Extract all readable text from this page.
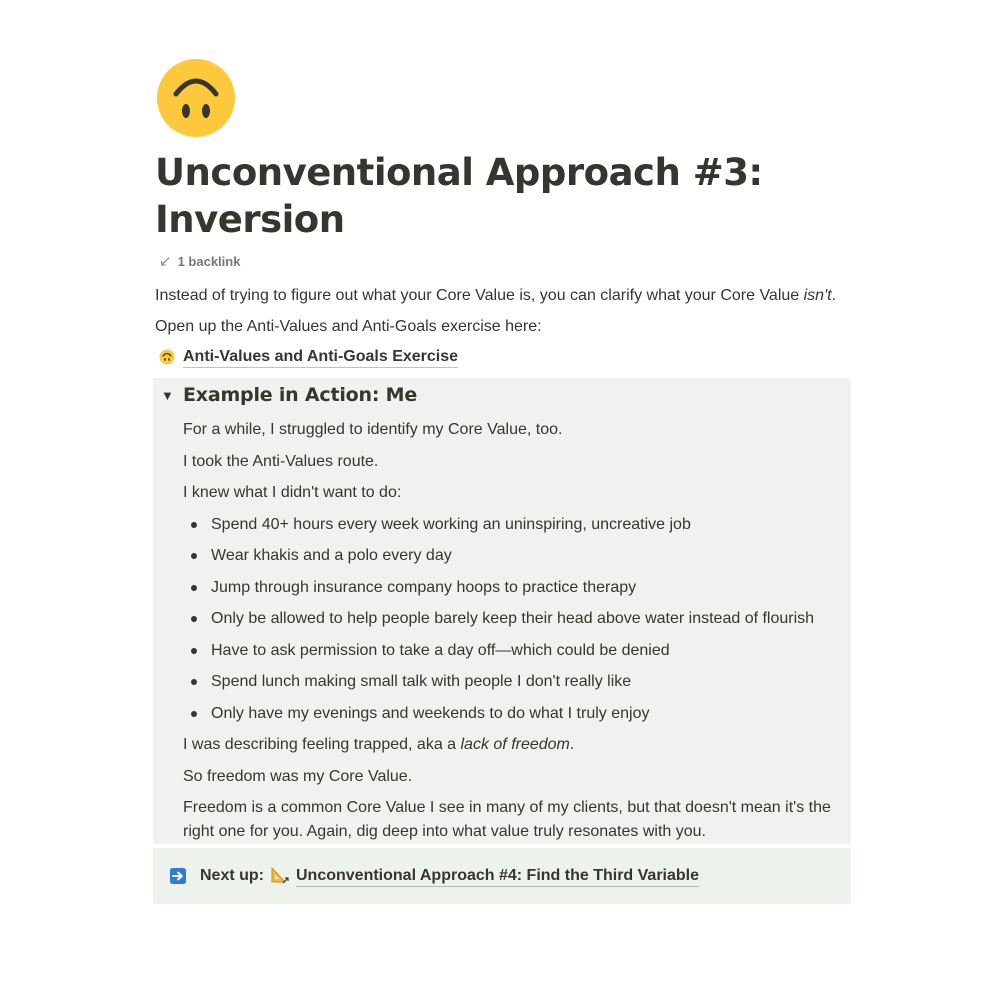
Unconventional Approach #3:
Inversion
↙ 1 backlink

Instead of trying to figure out what your Core Value is, you can clarify what your Core Value isn't.

Open up the Anti-Values and Anti-Goals exercise here:

Anti-Values and Anti-Goals Exercise
▼ Example in Action: Me

For a while, I struggled to identify my Core Value, too.

I took the Anti-Values route.

I knew what I didn't want to do:

Spend 40+ hours every week working an uninspiring, uncreative job
Wear khakis and a polo every day
Jump through insurance company hoops to practice therapy
Only be allowed to help people barely keep their head above water instead of flourish
Have to ask permission to take a day off—which could be denied
Spend lunch making small talk with people I don't really like
Only have my evenings and weekends to do what I truly enjoy

I was describing feeling trapped, aka a lack of freedom.

So freedom was my Core Value.

Freedom is a common Core Value I see in many of my clients, but that doesn't mean it's the right one for you. Again, dig deep into what value truly resonates with you.

Next up: Unconventional Approach #4: Find the Third Variable
